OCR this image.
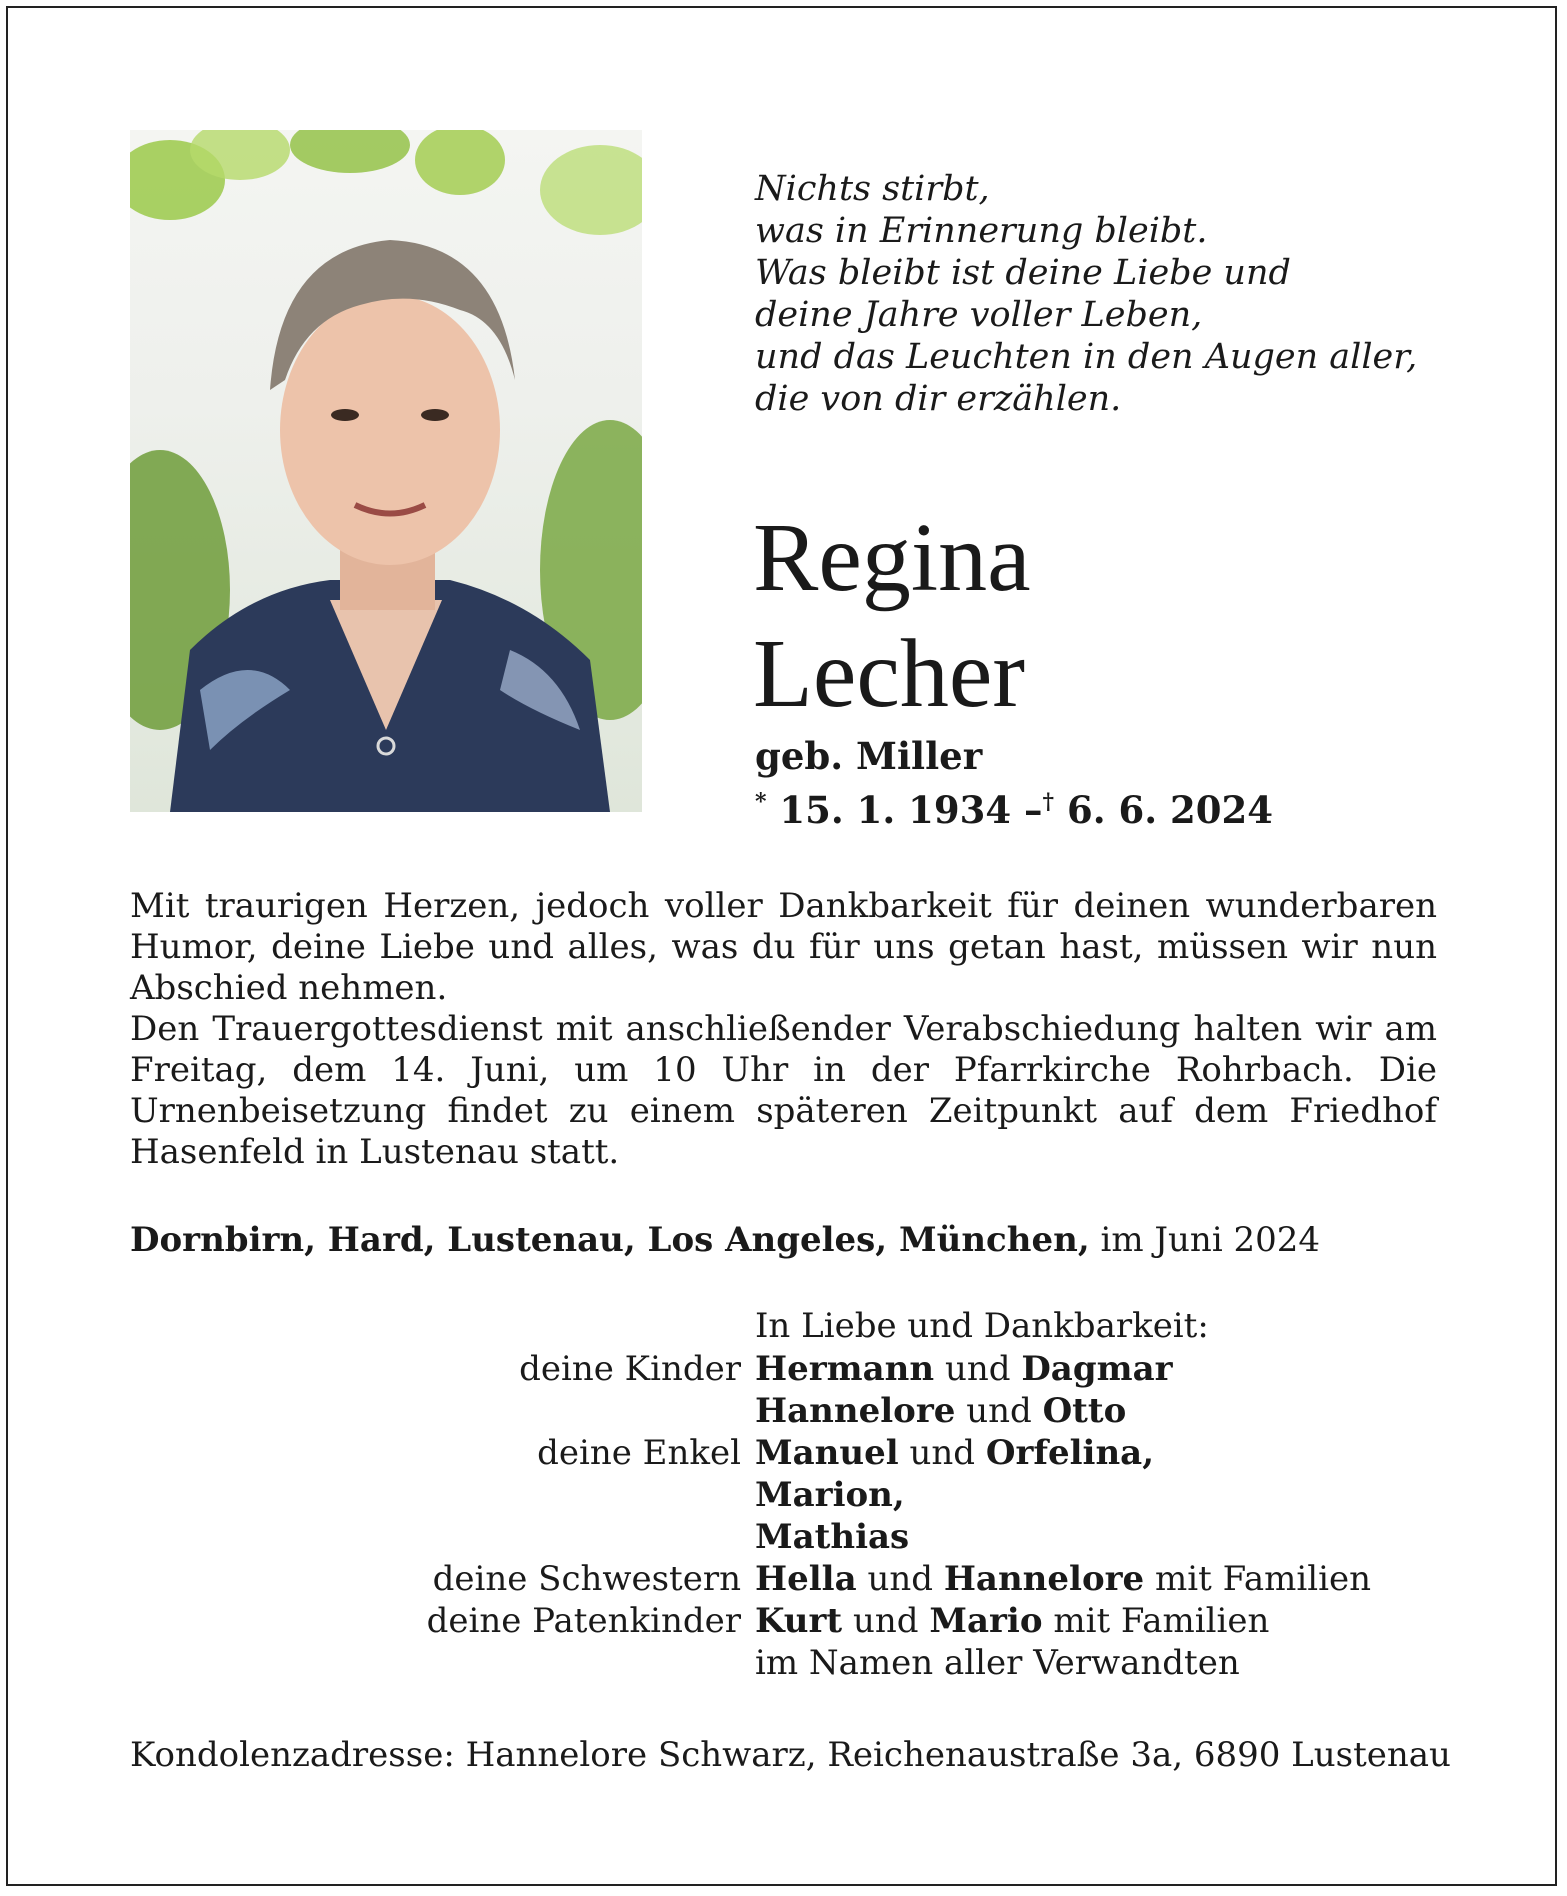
Nichts stirbt,
was in Erinnerung bleibt.
Was bleibt ist deine Liebe und
deine Jahre voller Leben,
und das Leuchten in den Augen aller,
die von dir erzählen.
Regina
Lecher
geb. Miller
* 15. 1. 1934 –† 6. 6. 2024

Mit traurigen Herzen, jedoch voller Dankbarkeit für deinen wunderbaren Humor, deine Liebe und alles, was du für uns getan hast, müssen wir nun Abschied nehmen.

Den Trauergottesdienst mit anschließender Verabschiedung halten wir am Freitag, dem 14. Juni, um 10 Uhr in der Pfarrkirche Rohrbach. Die Urnenbeisetzung findet zu einem späteren Zeitpunkt auf dem Friedhof Hasenfeld in Lustenau statt.

Dornbirn, Hard, Lustenau, Los Angeles, München, im Juni 2024
In Liebe und Dankbarkeit:
deine Kinder Hermann und Dagmar
Hannelore und Otto
deine Enkel Manuel und Orfelina,
Marion,
Mathias
deine Schwestern Hella und Hannelore mit Familien
deine Patenkinder Kurt und Mario mit Familien
im Namen aller Verwandten
Kondolenzadresse: Hannelore Schwarz, Reichenaustraße 3a, 6890 Lustenau
